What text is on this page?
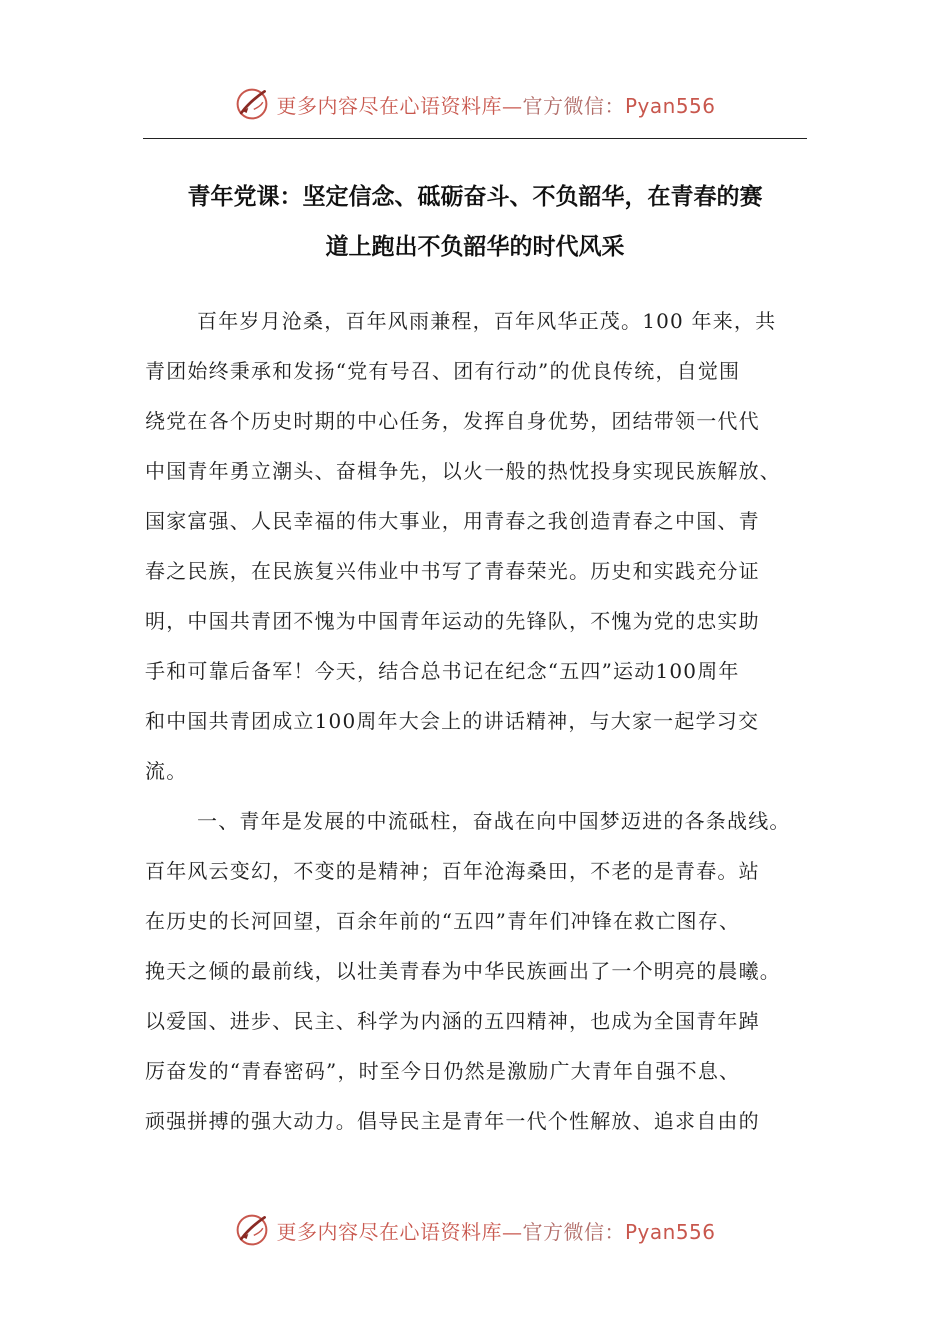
更多内容尽在心语资料库—官方微信：Pyan556
青年党课：坚定信念、砥砺奋斗、不负韶华，在青春的赛
道上跑出不负韶华的时代风采
百年岁月沧桑，百年风雨兼程，百年风华正茂。100 年来，共
青团始终秉承和发扬“党有号召、团有行动”的优良传统，自觉围
绕党在各个历史时期的中心任务，发挥自身优势，团结带领一代代
中国青年勇立潮头、奋楫争先，以火一般的热忱投身实现民族解放、
国家富强、人民幸福的伟大事业，用青春之我创造青春之中国、青
春之民族，在民族复兴伟业中书写了青春荣光。历史和实践充分证
明，中国共青团不愧为中国青年运动的先锋队，不愧为党的忠实助
手和可靠后备军！今天，结合总书记在纪念“五四”运动100周年
和中国共青团成立100周年大会上的讲话精神，与大家一起学习交
流。
一、青年是发展的中流砥柱，奋战在向中国梦迈进的各条战线。
百年风云变幻，不变的是精神；百年沧海桑田，不老的是青春。站
在历史的长河回望，百余年前的“五四”青年们冲锋在救亡图存、
挽天之倾的最前线，以壮美青春为中华民族画出了一个明亮的晨曦。
以爱国、进步、民主、科学为内涵的五四精神，也成为全国青年踔
厉奋发的“青春密码”，时至今日仍然是激励广大青年自强不息、
顽强拼搏的强大动力。倡导民主是青年一代个性解放、追求自由的
更多内容尽在心语资料库—官方微信：Pyan556
